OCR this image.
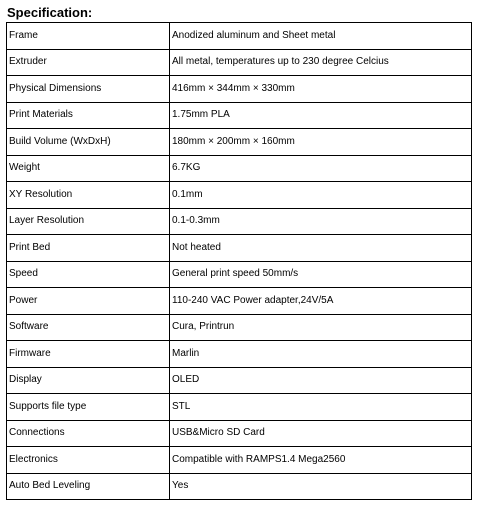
Specification:

Frame	Anodized aluminum and Sheet metal
Extruder	All metal, temperatures up to 230 degree Celcius
Physical Dimensions	416mm × 344mm × 330mm
Print Materials	1.75mm PLA
Build Volume (WxDxH)	180mm × 200mm × 160mm
Weight	6.7KG
XY Resolution	0.1mm
Layer Resolution	0.1-0.3mm
Print Bed	Not heated
Speed	General print speed 50mm/s
Power	110-240 VAC Power adapter,24V/5A
Software	Cura, Printrun
Firmware	Marlin
Display	OLED
Supports file type	STL
Connections	USB&Micro SD Card
Electronics	Compatible with RAMPS1.4 Mega2560
Auto Bed Leveling	Yes
